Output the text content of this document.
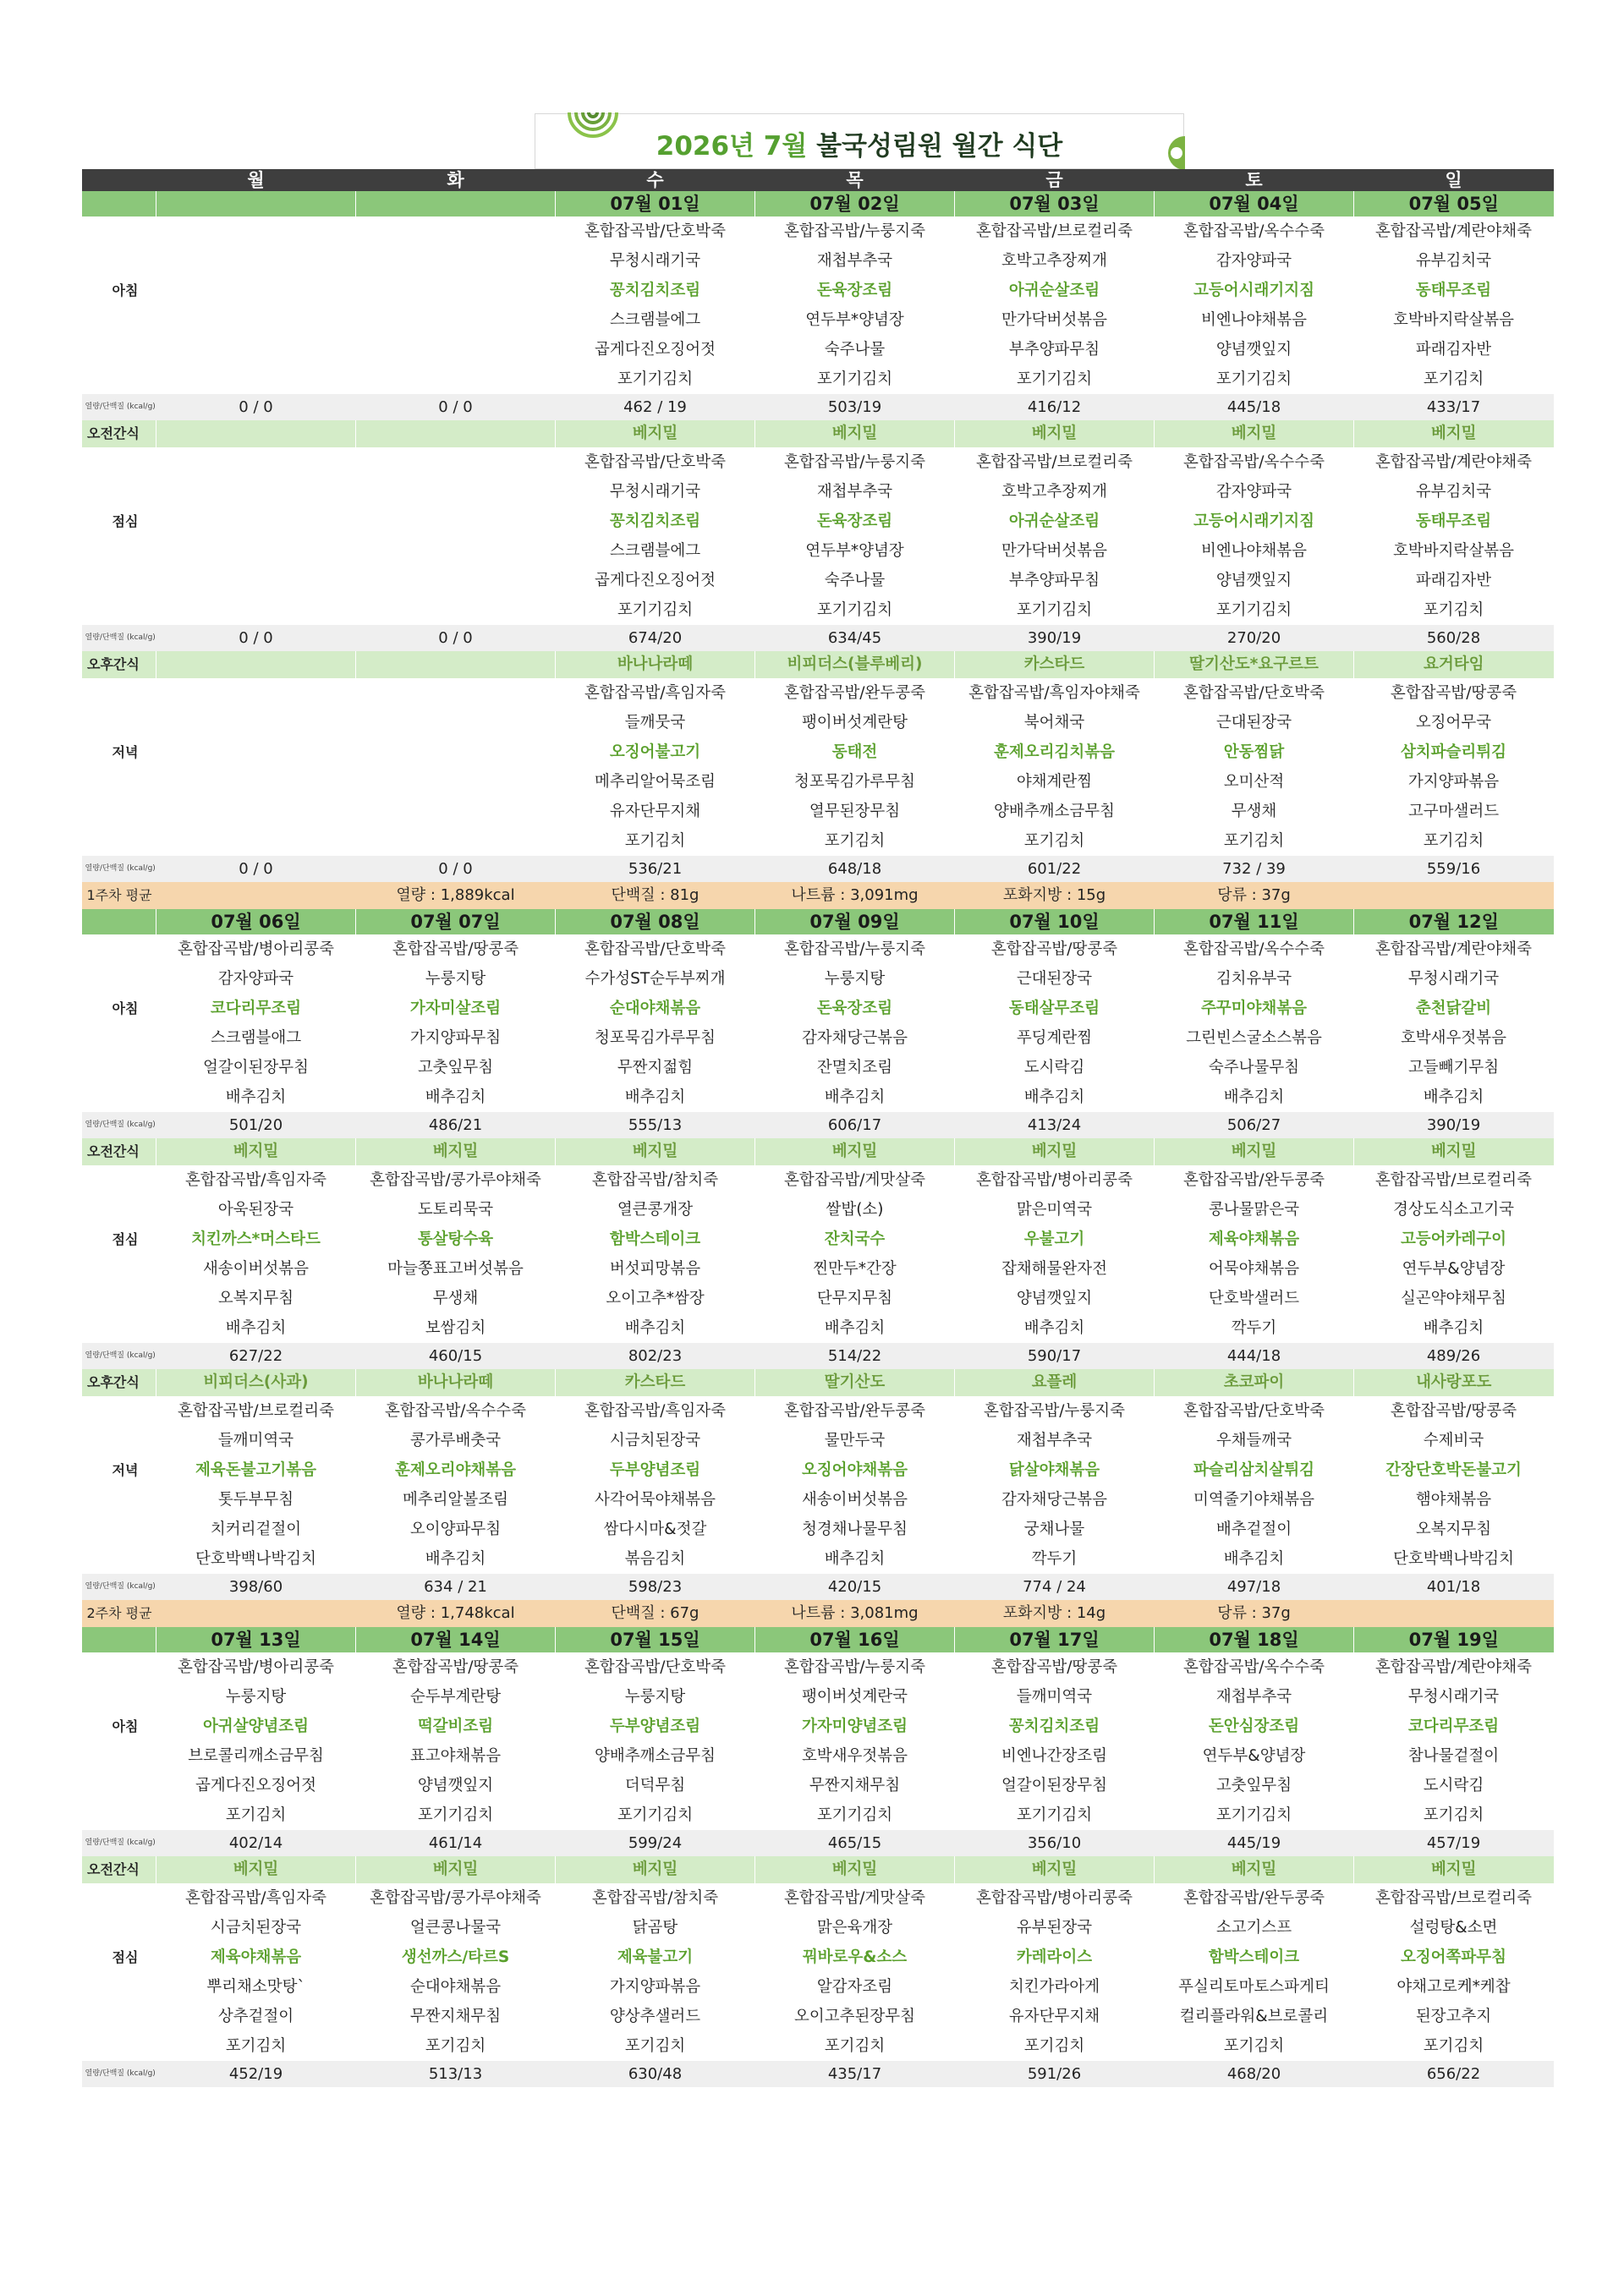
2026년 7월 불국성림원 월간 식단
	월	화	수	목	금	토	일
			07월 01일	07월 02일	07월 03일	07월 04일	07월 05일
			혼합잡곡밥/단호박죽	혼합잡곡밥/누룽지죽	혼합잡곡밥/브로컬리죽	혼합잡곡밥/옥수수죽	혼합잡곡밥/계란야채죽
			무청시래기국	재첩부추국	호박고추장찌개	감자양파국	유부김치국
아침			꽁치김치조림	돈육장조림	아귀순살조림	고등어시래기지짐	동태무조림
			스크램블에그	연두부*양념장	만가닥버섯볶음	비엔나야채볶음	호박바지락살볶음
			곱게다진오징어젓	숙주나물	부추양파무침	양념깻잎지	파래김자반
			포기기김치	포기기김치	포기기김치	포기기김치	포기김치
열량/단백질 (kcal/g)	0 / 0	0 / 0	462 / 19	503/19	416/12	445/18	433/17
오전간식			베지밀	베지밀	베지밀	베지밀	베지밀
			혼합잡곡밥/단호박죽	혼합잡곡밥/누룽지죽	혼합잡곡밥/브로컬리죽	혼합잡곡밥/옥수수죽	혼합잡곡밥/계란야채죽
			무청시래기국	재첩부추국	호박고추장찌개	감자양파국	유부김치국
점심			꽁치김치조림	돈육장조림	아귀순살조림	고등어시래기지짐	동태무조림
			스크램블에그	연두부*양념장	만가닥버섯볶음	비엔나야채볶음	호박바지락살볶음
			곱게다진오징어젓	숙주나물	부추양파무침	양념깻잎지	파래김자반
			포기기김치	포기기김치	포기기김치	포기기김치	포기김치
열량/단백질 (kcal/g)	0 / 0	0 / 0	674/20	634/45	390/19	270/20	560/28
오후간식			바나나라떼	비피더스(블루베리)	카스타드	딸기산도*요구르트	요거타임
			혼합잡곡밥/흑임자죽	혼합잡곡밥/완두콩죽	혼합잡곡밥/흑임자야채죽	혼합잡곡밥/단호박죽	혼합잡곡밥/땅콩죽
			들깨뭇국	팽이버섯계란탕	북어채국	근대된장국	오징어무국
저녁			오징어불고기	동태전	훈제오리김치볶음	안동찜닭	삼치파슬리튀김
			메추리알어묵조림	청포묵김가루무침	야채계란찜	오미산적	가지양파볶음
			유자단무지채	열무된장무침	양배추깨소금무침	무생채	고구마샐러드
			포기김치	포기김치	포기김치	포기김치	포기김치
열량/단백질 (kcal/g)	0 / 0	0 / 0	536/21	648/18	601/22	732 / 39	559/16
1주차 평균		열량 : 1,889kcal	단백질 : 81g	나트륨 : 3,091mg	포화지방 : 15g	당류 : 37g	
	07월 06일	07월 07일	07월 08일	07월 09일	07월 10일	07월 11일	07월 12일
	혼합잡곡밥/병아리콩죽	혼합잡곡밥/땅콩죽	혼합잡곡밥/단호박죽	혼합잡곡밥/누룽지죽	혼합잡곡밥/땅콩죽	혼합잡곡밥/옥수수죽	혼합잡곡밥/계란야채죽
	감자양파국	누룽지탕	수가성ST순두부찌개	누룽지탕	근대된장국	김치유부국	무청시래기국
아침	코다리무조림	가자미살조림	순대야채볶음	돈육장조림	동태살무조림	주꾸미야채볶음	춘천닭갈비
	스크램블애그	가지양파무침	청포묵김가루무침	감자채당근볶음	푸딩계란찜	그린빈스굴소스볶음	호박새우젓볶음
	얼갈이된장무침	고춧잎무침	무짠지젊힘	잔멸치조림	도시락김	숙주나물무침	고들빼기무침
	배추김치	배추김치	배추김치	배추김치	배추김치	배추김치	배추김치
열량/단백질 (kcal/g)	501/20	486/21	555/13	606/17	413/24	506/27	390/19
오전간식	베지밀	베지밀	베지밀	베지밀	베지밀	베지밀	베지밀
	혼합잡곡밥/흑임자죽	혼합잡곡밥/콩가루야채죽	혼합잡곡밥/참치죽	혼합잡곡밥/게맛살죽	혼합잡곡밥/병아리콩죽	혼합잡곡밥/완두콩죽	혼합잡곡밥/브로컬리죽
	아욱된장국	도토리묵국	열큰콩개장	쌀밥(소)	맑은미역국	콩나물맑은국	경상도식소고기국
점심	치킨까스*머스타드	통살탕수육	함박스테이크	잔치국수	우불고기	제육야채볶음	고등어카레구이
	새송이버섯볶음	마늘쫑표고버섯볶음	버섯피망볶음	찐만두*간장	잡채해물완자전	어묵야채볶음	연두부&양념장
	오복지무침	무생채	오이고추*쌈장	단무지무침	양념깻잎지	단호박샐러드	실곤약야채무침
	배추김치	보쌈김치	배추김치	배추김치	배추김치	깍두기	배추김치
열량/단백질 (kcal/g)	627/22	460/15	802/23	514/22	590/17	444/18	489/26
오후간식	비피더스(사과)	바나나라떼	카스타드	딸기산도	요플레	초코파이	내사랑포도
	혼합잡곡밥/브로컬리죽	혼합잡곡밥/옥수수죽	혼합잡곡밥/흑임자죽	혼합잡곡밥/완두콩죽	혼합잡곡밥/누룽지죽	혼합잡곡밥/단호박죽	혼합잡곡밥/땅콩죽
	들깨미역국	콩가루배춧국	시금치된장국	물만두국	재첩부추국	우채들깨국	수제비국
저녁	제육돈불고기볶음	훈제오리야채볶음	두부양념조림	오징어야채볶음	닭살야채볶음	파슬리삼치살튀김	간장단호박돈불고기
	톳두부무침	메추리알볼조림	사각어묵야채볶음	새송이버섯볶음	감자채당근볶음	미역줄기야채볶음	햄야채볶음
	치커리겉절이	오이양파무침	쌈다시마&젓갈	청경채나물무침	궁채나물	배추겉절이	오복지무침
	단호박백나박김치	배추김치	볶음김치	배추김치	깍두기	배추김치	단호박백나박김치
열량/단백질 (kcal/g)	398/60	634 / 21	598/23	420/15	774 / 24	497/18	401/18
2주차 평균		열량 : 1,748kcal	단백질 : 67g	나트륨 : 3,081mg	포화지방 : 14g	당류 : 37g	
	07월 13일	07월 14일	07월 15일	07월 16일	07월 17일	07월 18일	07월 19일
	혼합잡곡밥/병아리콩죽	혼합잡곡밥/땅콩죽	혼합잡곡밥/단호박죽	혼합잡곡밥/누룽지죽	혼합잡곡밥/땅콩죽	혼합잡곡밥/옥수수죽	혼합잡곡밥/계란야채죽
	누룽지탕	순두부계란탕	누룽지탕	팽이버섯계란국	들깨미역국	재첩부추국	무청시래기국
아침	아귀살양념조림	떡갈비조림	두부양념조림	가자미양념조림	꽁치김치조림	돈안심장조림	코다리무조림
	브로콜리깨소금무침	표고야채볶음	양배추깨소금무침	호박새우젓볶음	비엔나간장조림	연두부&양념장	참나물겉절이
	곱게다진오징어젓	양념깻잎지	더덕무침	무짠지채무침	얼갈이된장무침	고춧잎무침	도시락김
	포기김치	포기기김치	포기기김치	포기기김치	포기기김치	포기기김치	포기김치
열량/단백질 (kcal/g)	402/14	461/14	599/24	465/15	356/10	445/19	457/19
오전간식	베지밀	베지밀	베지밀	베지밀	베지밀	베지밀	베지밀
	혼합잡곡밥/흑임자죽	혼합잡곡밥/콩가루야채죽	혼합잡곡밥/참치죽	혼합잡곡밥/게맛살죽	혼합잡곡밥/병아리콩죽	혼합잡곡밥/완두콩죽	혼합잡곡밥/브로컬리죽
	시금치된장국	얼큰콩나물국	닭곰탕	맑은육개장	유부된장국	소고기스프	설렁탕&소면
점심	제육야채볶음	생선까스/타르S	제육불고기	꿔바로우&소스	카레라이스	함박스테이크	오징어쪽파무침
	뿌리채소맛탕`	순대야채볶음	가지양파볶음	알감자조림	치킨가라아게	푸실리토마토스파게티	야채고로케*케찹
	상추겉절이	무짠지채무침	양상추샐러드	오이고추된장무침	유자단무지채	컬리플라워&브로콜리	된장고추지
	포기김치	포기김치	포기김치	포기김치	포기김치	포기김치	포기김치
열량/단백질 (kcal/g)	452/19	513/13	630/48	435/17	591/26	468/20	656/22
